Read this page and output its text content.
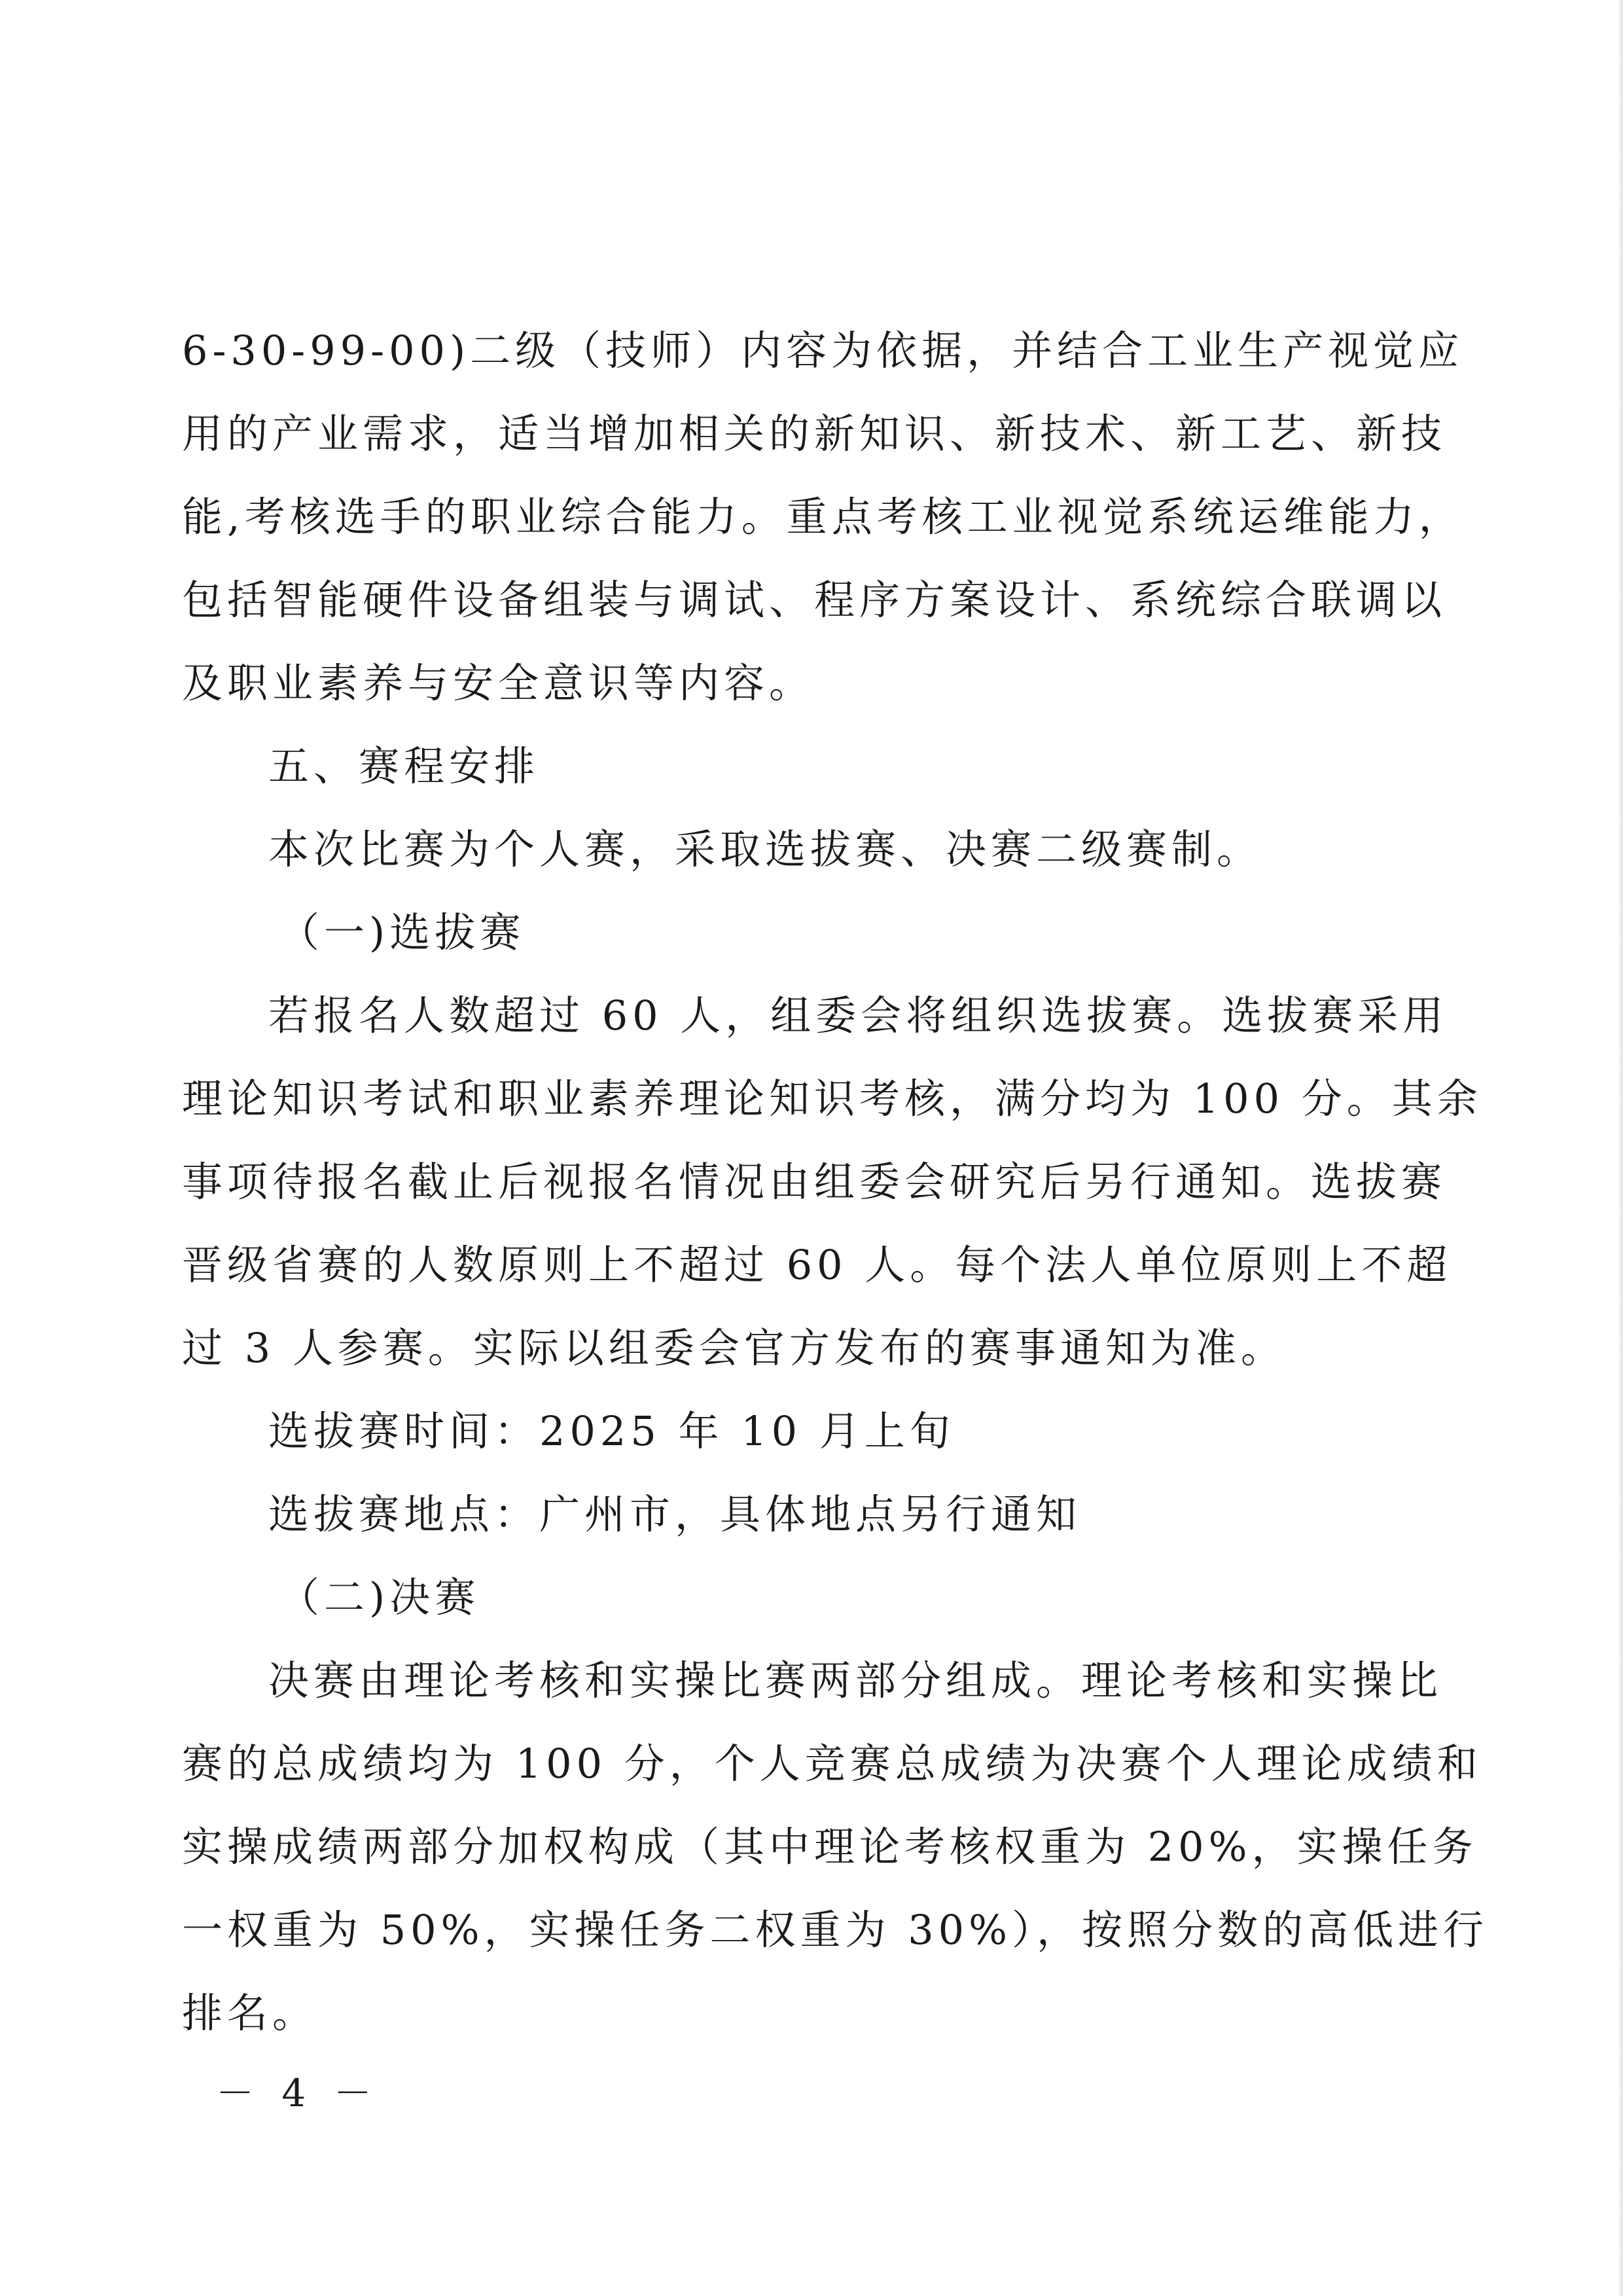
6-30-99-00)二级（技师）内容为依据，并结合工业生产视觉应

用的产业需求，适当增加相关的新知识、新技术、新工艺、新技

能,考核选手的职业综合能力。重点考核工业视觉系统运维能力，

包括智能硬件设备组装与调试、程序方案设计、系统综合联调以

及职业素养与安全意识等内容。

五、赛程安排

本次比赛为个人赛，采取选拔赛、决赛二级赛制。

（一)选拔赛

若报名人数超过 60 人，组委会将组织选拔赛。选拔赛采用

理论知识考试和职业素养理论知识考核，满分均为 100 分。其余

事项待报名截止后视报名情况由组委会研究后另行通知。选拔赛

晋级省赛的人数原则上不超过 60 人。每个法人单位原则上不超

过 3 人参赛。实际以组委会官方发布的赛事通知为准。

选拔赛时间：2025 年 10 月上旬

选拔赛地点：广州市，具体地点另行通知

（二)决赛

决赛由理论考核和实操比赛两部分组成。理论考核和实操比

赛的总成绩均为 100 分，个人竞赛总成绩为决赛个人理论成绩和

实操成绩两部分加权构成（其中理论考核权重为 20%，实操任务

一权重为 50%，实操任务二权重为 30%），按照分数的高低进行

排名。

－ 4 －
